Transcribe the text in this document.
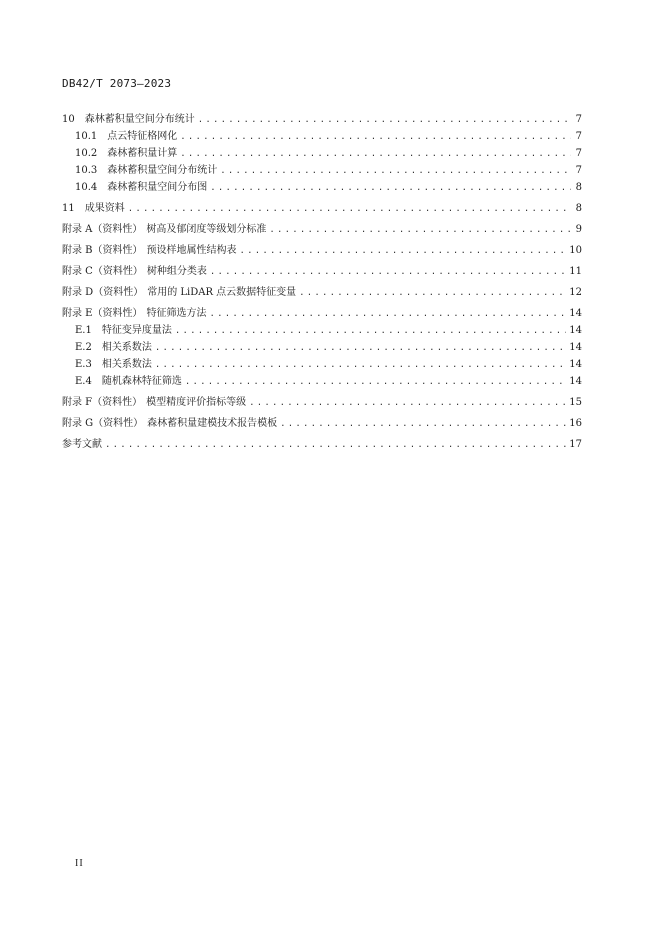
DB42/T 2073—2023
10 森林蓄积量空间分布统计 .....	7
10.1 点云特征格网化 .....	7
10.2 森林蓄积量计算 .....	7
10.3 森林蓄积量空间分布统计 .....	7
10.4 森林蓄积量空间分布图 .....	8
11 成果资料 .....	8
附录 A（资料性） 树高及郁闭度等级划分标准 .....	9
附录 B（资料性） 预设样地属性结构表 .....	10
附录 C（资料性） 树种组分类表 .....	11
附录 D（资料性） 常用的 LiDAR 点云数据特征变量 .....	12
附录 E（资料性） 特征筛选方法 .....	14
E.1 特征变异度量法 .....	14
E.2 相关系数法 .....	14
E.3 相关系数法 .....	14
E.4 随机森林特征筛选 .....	14
附录 F（资料性） 模型精度评价指标等级 .....	15
附录 G（资料性） 森林蓄积量建模技术报告模板 .....	16
参考文献 .....	17
II
